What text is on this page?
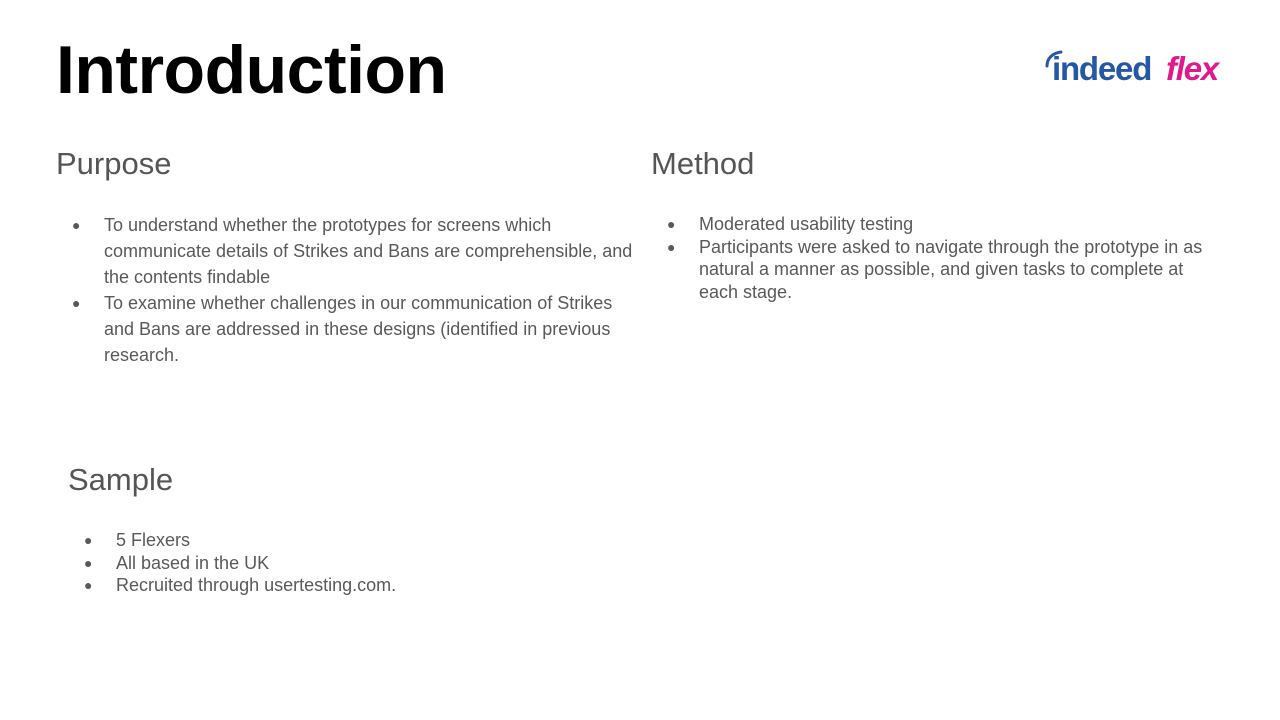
Introduction	indeed flex
Purpose
● To understand whether the prototypes for screens which communicate details of Strikes and Bans are comprehensible, and the contents findable
● To examine whether challenges in our communication of Strikes and Bans are addressed in these designs (identified in previous research.
Method
● Moderated usability testing
● Participants were asked to navigate through the prototype in as natural a manner as possible, and given tasks to complete at each stage.
Sample
● 5 Flexers
● All based in the UK
● Recruited through usertesting.com.
